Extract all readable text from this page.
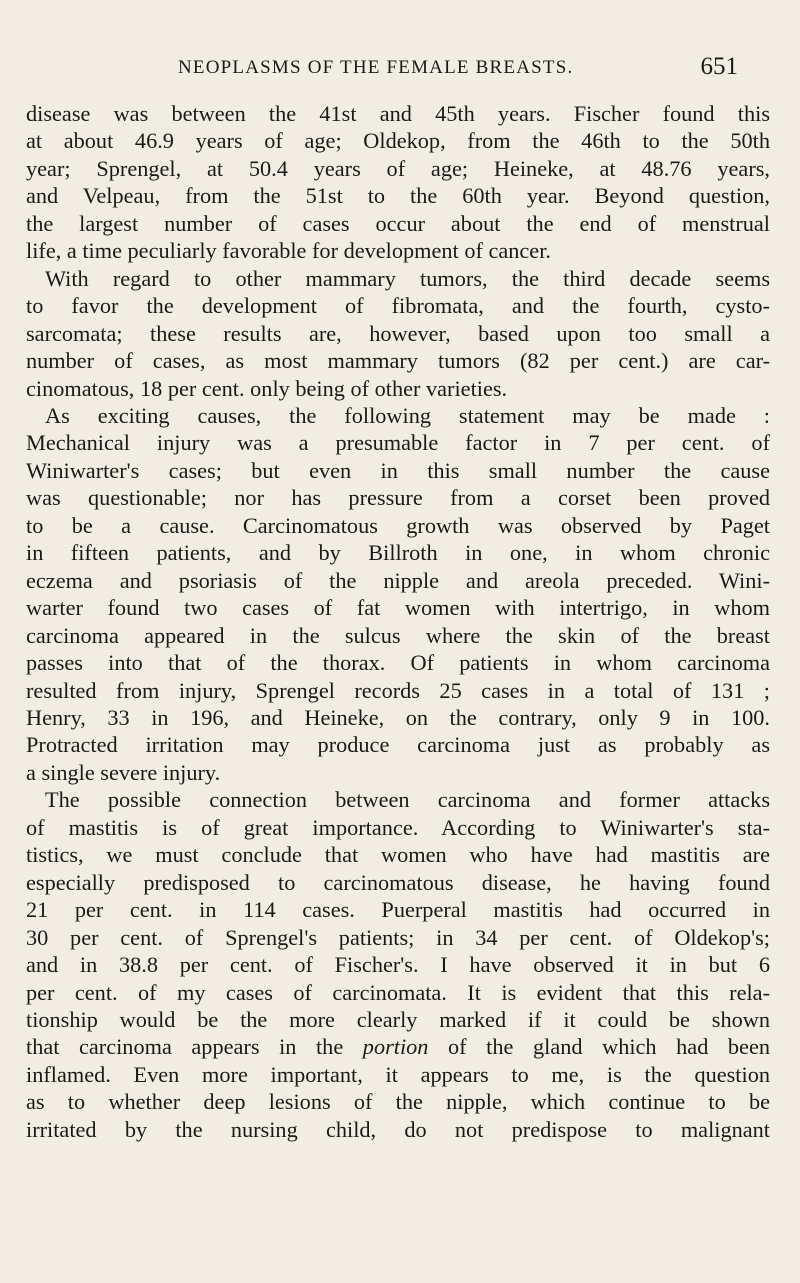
NEOPLASMS OF THE FEMALE BREASTS.	651
disease was between the 41st and 45th years. Fischer found this
at about 46.9 years of age; Oldekop, from the 46th to the 50th
year; Sprengel, at 50.4 years of age; Heineke, at 48.76 years,
and Velpeau, from the 51st to the 60th year. Beyond question,
the largest number of cases occur about the end of menstrual
life, a time peculiarly favorable for development of cancer.
With regard to other mammary tumors, the third decade seems
to favor the development of fibromata, and the fourth, cysto-
sarcomata; these results are, however, based upon too small a
number of cases, as most mammary tumors (82 per cent.) are car-
cinomatous, 18 per cent. only being of other varieties.
As exciting causes, the following statement may be made :
Mechanical injury was a presumable factor in 7 per cent. of
Winiwarter's cases; but even in this small number the cause
was questionable; nor has pressure from a corset been proved
to be a cause. Carcinomatous growth was observed by Paget
in fifteen patients, and by Billroth in one, in whom chronic
eczema and psoriasis of the nipple and areola preceded. Wini-
warter found two cases of fat women with intertrigo, in whom
carcinoma appeared in the sulcus where the skin of the breast
passes into that of the thorax. Of patients in whom carcinoma
resulted from injury, Sprengel records 25 cases in a total of 131 ;
Henry, 33 in 196, and Heineke, on the contrary, only 9 in 100.
Protracted irritation may produce carcinoma just as probably as
a single severe injury.
The possible connection between carcinoma and former attacks
of mastitis is of great importance. According to Winiwarter's sta-
tistics, we must conclude that women who have had mastitis are
especially predisposed to carcinomatous disease, he having found
21 per cent. in 114 cases. Puerperal mastitis had occurred in
30 per cent. of Sprengel's patients; in 34 per cent. of Oldekop's;
and in 38.8 per cent. of Fischer's. I have observed it in but 6
per cent. of my cases of carcinomata. It is evident that this rela-
tionship would be the more clearly marked if it could be shown
that carcinoma appears in the portion of the gland which had been
inflamed. Even more important, it appears to me, is the question
as to whether deep lesions of the nipple, which continue to be
irritated by the nursing child, do not predispose to malignant
